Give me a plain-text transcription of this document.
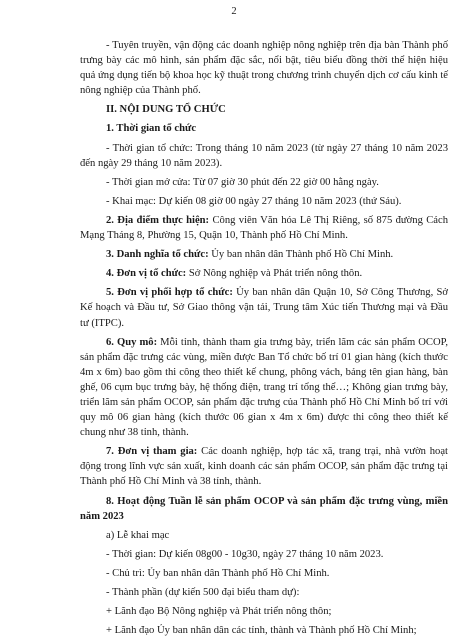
2

- Tuyên truyền, vận động các doanh nghiệp nông nghiệp trên địa bàn Thành phố trưng bày các mô hình, sản phẩm đặc sắc, nổi bật, tiêu biểu đồng thời thể hiện hiệu quả ứng dụng tiến bộ khoa học kỹ thuật trong chương trình chuyển dịch cơ cấu kinh tế nông nghiệp của Thành phố.

II. NỘI DUNG TỔ CHỨC

1. Thời gian tổ chức

- Thời gian tổ chức: Trong tháng 10 năm 2023 (từ ngày 27 tháng 10 năm 2023 đến ngày 29 tháng 10 năm 2023).

- Thời gian mở cửa: Từ 07 giờ 30 phút đến 22 giờ 00 hằng ngày.

- Khai mạc: Dự kiến 08 giờ 00 ngày 27 tháng 10 năm 2023 (thứ Sáu).

2. Địa điểm thực hiện: Công viên Văn hóa Lê Thị Riêng, số 875 đường Cách Mạng Tháng 8, Phường 15, Quận 10, Thành phố Hồ Chí Minh.

3. Danh nghĩa tổ chức: Ủy ban nhân dân Thành phố Hồ Chí Minh.

4. Đơn vị tổ chức: Sở Nông nghiệp và Phát triển nông thôn.

5. Đơn vị phối hợp tổ chức: Ủy ban nhân dân Quận 10, Sở Công Thương, Sở Kế hoạch và Đầu tư, Sở Giao thông vận tải, Trung tâm Xúc tiến Thương mại và Đầu tư (ITPC).

6. Quy mô: Mỗi tỉnh, thành tham gia trưng bày, triển lãm các sản phẩm OCOP, sản phẩm đặc trưng các vùng, miền được Ban Tổ chức bố trí 01 gian hàng (kích thước 4m x 6m) bao gồm thi công theo thiết kế chung, phông vách, bảng tên gian hàng, bàn ghế, 06 cụm bục trưng bày, hệ thống điện, trang trí tổng thể…; Không gian trưng bày, triển lãm sản phẩm OCOP, sản phẩm đặc trưng của Thành phố Hồ Chí Minh bố trí với quy mô 06 gian hàng (kích thước 06 gian x 4m x 6m) được thi công theo thiết kế chung như 38 tỉnh, thành.

7. Đơn vị tham gia: Các doanh nghiệp, hợp tác xã, trang trại, nhà vườn hoạt động trong lĩnh vực sản xuất, kinh doanh các sản phẩm OCOP, sản phẩm đặc trưng tại Thành phố Hồ Chí Minh và 38 tỉnh, thành.

8. Hoạt động Tuần lễ sản phẩm OCOP và sản phẩm đặc trưng vùng, miền năm 2023

a) Lễ khai mạc

- Thời gian: Dự kiến 08g00 - 10g30, ngày 27 tháng 10 năm 2023.

- Chủ trì: Ủy ban nhân dân Thành phố Hồ Chí Minh.

- Thành phần (dự kiến 500 đại biểu tham dự):

+ Lãnh đạo Bộ Nông nghiệp và Phát triển nông thôn;

+ Lãnh đạo Ủy ban nhân dân các tỉnh, thành và Thành phố Hồ Chí Minh;
